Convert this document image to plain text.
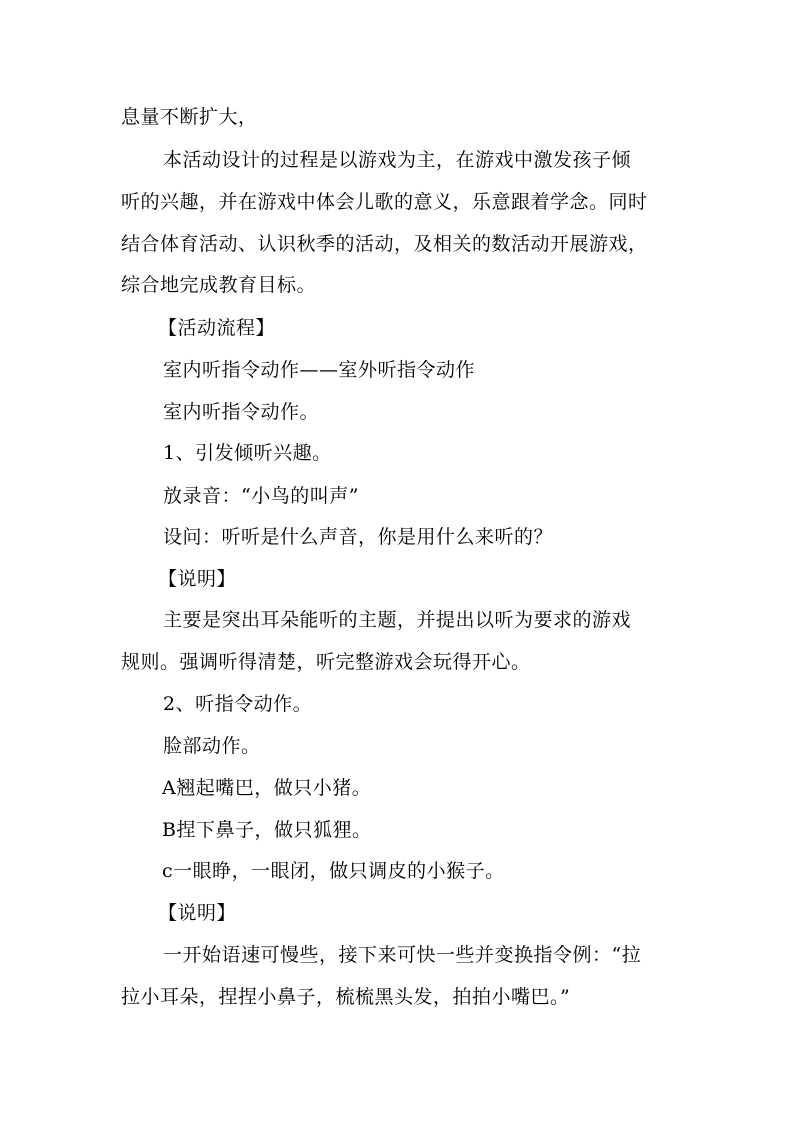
息量不断扩大，
本活动设计的过程是以游戏为主，在游戏中激发孩子倾
听的兴趣，并在游戏中体会儿歌的意义，乐意跟着学念。同时
结合体育活动、认识秋季的活动，及相关的数活动开展游戏，
综合地完成教育目标。
【活动流程】
室内听指令动作——室外听指令动作
室内听指令动作。
1、引发倾听兴趣。
放录音：“小鸟的叫声”
设问：听听是什么声音，你是用什么来听的？
【说明】
主要是突出耳朵能听的主题，并提出以听为要求的游戏
规则。强调听得清楚，听完整游戏会玩得开心。
2、听指令动作。
脸部动作。
A翘起嘴巴，做只小猪。
B捏下鼻子，做只狐狸。
c一眼睁，一眼闭，做只调皮的小猴子。
【说明】
一开始语速可慢些，接下来可快一些并变换指令例：“拉
拉小耳朵，捏捏小鼻子，梳梳黑头发，拍拍小嘴巴。”
